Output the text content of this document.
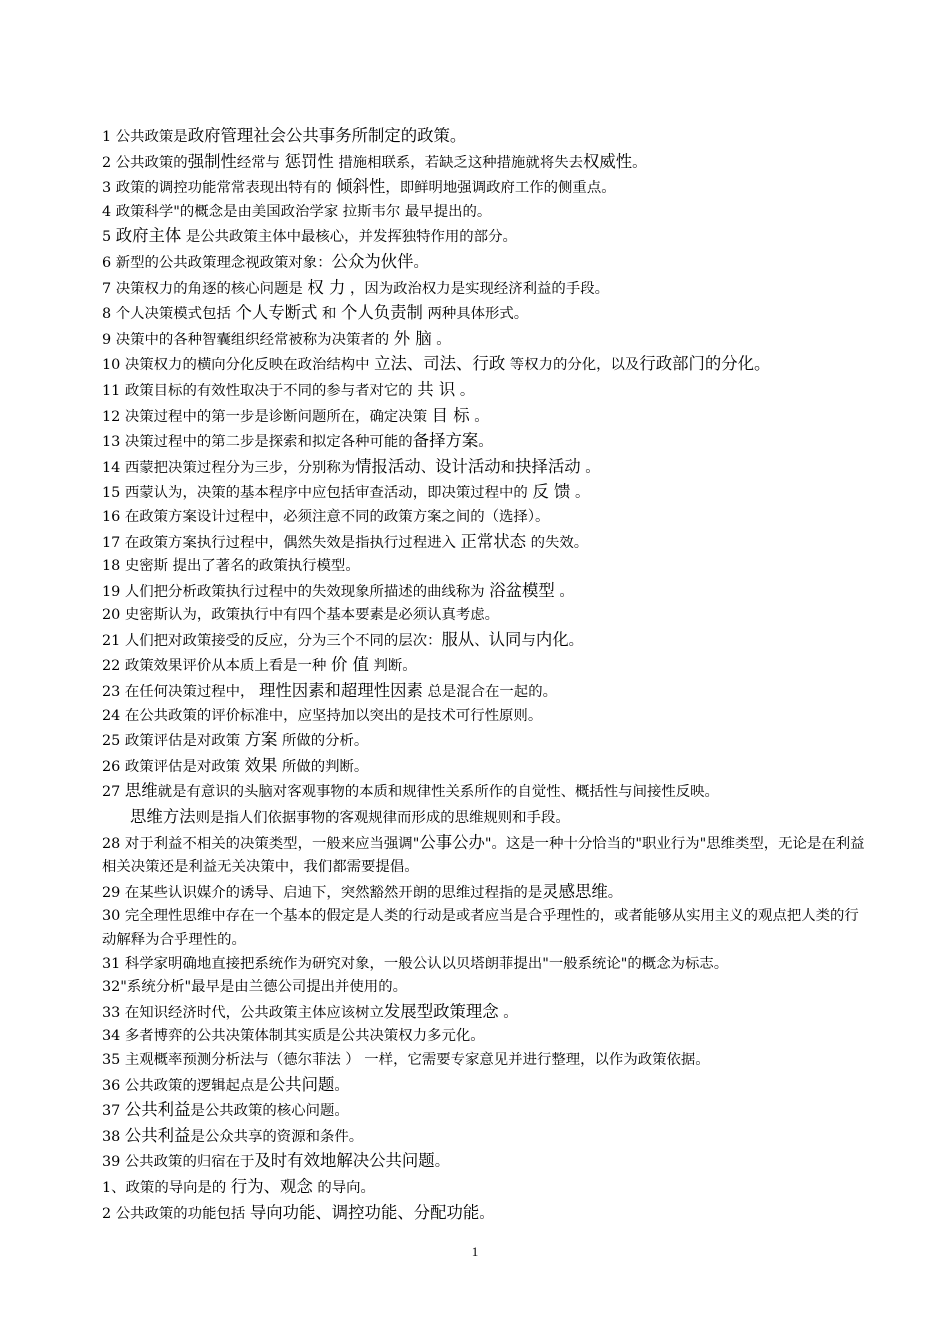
1 公共政策是政府管理社会公共事务所制定的政策。
2 公共政策的强制性经常与 惩罚性 措施相联系，若缺乏这种措施就将失去权威性。
3 政策的调控功能常常表现出特有的 倾斜性，即鲜明地强调政府工作的侧重点。
4 政策科学"的概念是由美国政治学家 拉斯韦尔 最早提出的。
5 政府主体 是公共政策主体中最核心，并发挥独特作用的部分。
6 新型的公共政策理念视政策对象：公众为伙伴。
7 决策权力的角逐的核心问题是 权 力 ，因为政治权力是实现经济利益的手段。
8 个人决策模式包括 个人专断式 和 个人负责制 两种具体形式。
9 决策中的各种智囊组织经常被称为决策者的 外 脑 。
10 决策权力的横向分化反映在政治结构中 立法、司法、行政 等权力的分化，以及行政部门的分化。
11 政策目标的有效性取决于不同的参与者对它的 共 识 。
12 决策过程中的第一步是诊断问题所在，确定决策 目 标 。
13 决策过程中的第二步是探索和拟定各种可能的备择方案。
14 西蒙把决策过程分为三步，分别称为情报活动、设计活动和抉择活动 。
15 西蒙认为，决策的基本程序中应包括审查活动，即决策过程中的 反 馈 。
16 在政策方案设计过程中，必须注意不同的政策方案之间的（选择）。
17 在政策方案执行过程中，偶然失效是指执行过程进入 正常状态 的失效。
18 史密斯 提出了著名的政策执行模型。
19 人们把分析政策执行过程中的失效现象所描述的曲线称为 浴盆模型 。
20 史密斯认为，政策执行中有四个基本要素是必须认真考虑。
21 人们把对政策接受的反应，分为三个不同的层次：服从、认同与内化。
22 政策效果评价从本质上看是一种 价 值 判断。
23 在任何决策过程中， 理性因素和超理性因素 总是混合在一起的。
24 在公共政策的评价标准中，应坚持加以突出的是技术可行性原则。
25 政策评估是对政策 方案 所做的分析。
26 政策评估是对政策 效果 所做的判断。
27 思维就是有意识的头脑对客观事物的本质和规律性关系所作的自觉性、概括性与间接性反映。
思维方法则是指人们依据事物的客观规律而形成的思维规则和手段。
28 对于利益不相关的决策类型，一般来应当强调"公事公办"。这是一种十分恰当的"职业行为"思维类型，无论是在利益相关决策还是利益无关决策中，我们都需要提倡。
29 在某些认识媒介的诱导、启迪下，突然豁然开朗的思维过程指的是灵感思维。
30 完全理性思维中存在一个基本的假定是人类的行动是或者应当是合乎理性的，或者能够从实用主义的观点把人类的行动解释为合乎理性的。
31 科学家明确地直接把系统作为研究对象，一般公认以贝塔朗菲提出"一般系统论"的概念为标志。
32"系统分析"最早是由兰德公司提出并使用的。
33 在知识经济时代，公共政策主体应该树立发展型政策理念 。
34 多者博弈的公共决策体制其实质是公共决策权力多元化。
35 主观概率预测分析法与（德尔菲法 ） 一样，它需要专家意见并进行整理，以作为政策依据。
36 公共政策的逻辑起点是公共问题。
37 公共利益是公共政策的核心问题。
38 公共利益是公众共享的资源和条件。
39 公共政策的归宿在于及时有效地解决公共问题。
1、政策的导向是的 行为、观念 的导向。
2 公共政策的功能包括 导向功能、调控功能、分配功能。
1
